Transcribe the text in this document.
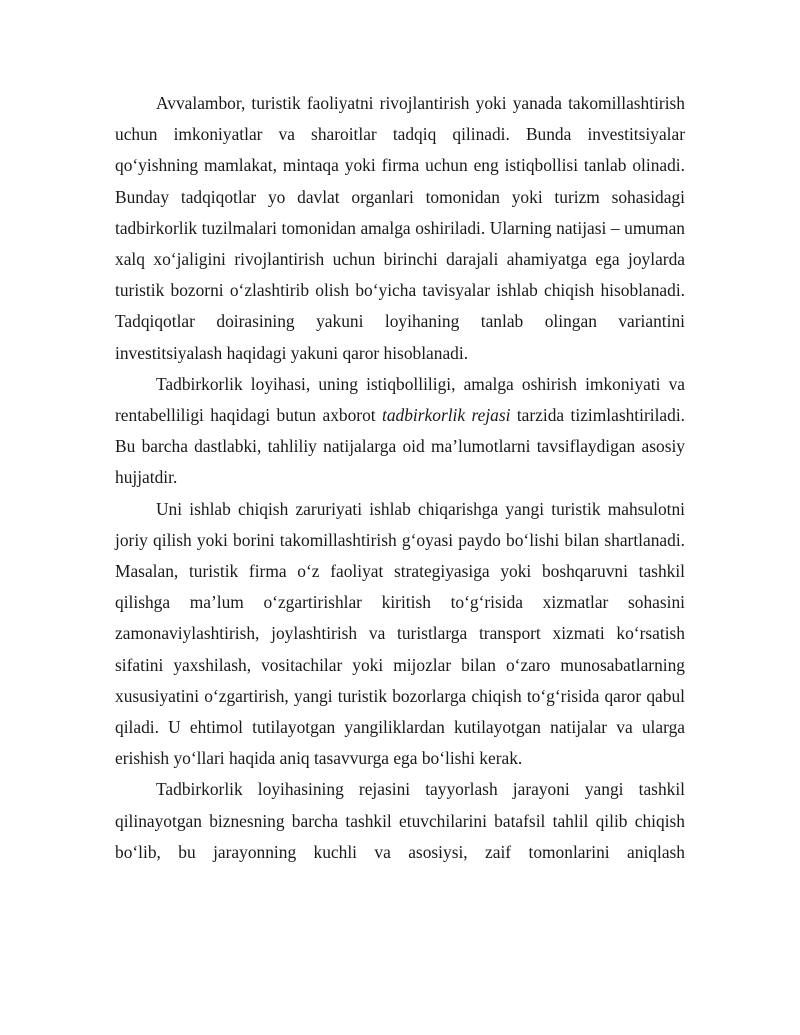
Avvalambor, turistik faoliyatni rivojlantirish yoki yanada takomillashtirish uchun imkoniyatlar va sharoitlar tadqiq qilinadi. Bunda investitsiyalar qo‘yishning mamlakat, mintaqa yoki firma uchun eng istiqbollisi tanlab olinadi. Bunday tadqiqotlar yo davlat organlari tomonidan yoki turizm sohasidagi tadbirkorlik tuzilmalari tomonidan amalga oshiriladi. Ularning natijasi – umuman xalq xo‘jaligini rivojlantirish uchun birinchi darajali ahamiyatga ega joylarda turistik bozorni o‘zlashtirib olish bo‘yicha tavisyalar ishlab chiqish hisoblanadi. Tadqiqotlar doirasining yakuni loyihaning tanlab olingan variantini investitsiyalash haqidagi yakuni qaror hisoblanadi.

Tadbirkorlik loyihasi, uning istiqbolliligi, amalga oshirish imkoniyati va rentabelliligi haqidagi butun axborot tadbirkorlik rejasi tarzida tizimlashtiriladi. Bu barcha dastlabki, tahliliy natijalarga oid ma’lumotlarni tavsiflaydigan asosiy hujjatdir.

Uni ishlab chiqish zaruriyati ishlab chiqarishga yangi turistik mahsulotni joriy qilish yoki borini takomillashtirish g‘oyasi paydo bo‘lishi bilan shartlanadi. Masalan, turistik firma o‘z faoliyat strategiyasiga yoki boshqaruvni tashkil qilishga ma’lum o‘zgartirishlar kiritish to‘g‘risida xizmatlar sohasini zamonaviylashtirish, joylashtirish va turistlarga transport xizmati ko‘rsatish sifatini yaxshilash, vositachilar yoki mijozlar bilan o‘zaro munosabatlarning xususiyatini o‘zgartirish, yangi turistik bozorlarga chiqish to‘g‘risida qaror qabul qiladi. U ehtimol tutilayotgan yangiliklardan kutilayotgan natijalar va ularga erishish yo‘llari haqida aniq tasavvurga ega bo‘lishi kerak.

Tadbirkorlik loyihasining rejasini tayyorlash jarayoni yangi tashkil qilinayotgan biznesning barcha tashkil etuvchilarini batafsil tahlil qilib chiqish bo‘lib, bu jarayonning kuchli va asosiysi, zaif tomonlarini aniqlash
